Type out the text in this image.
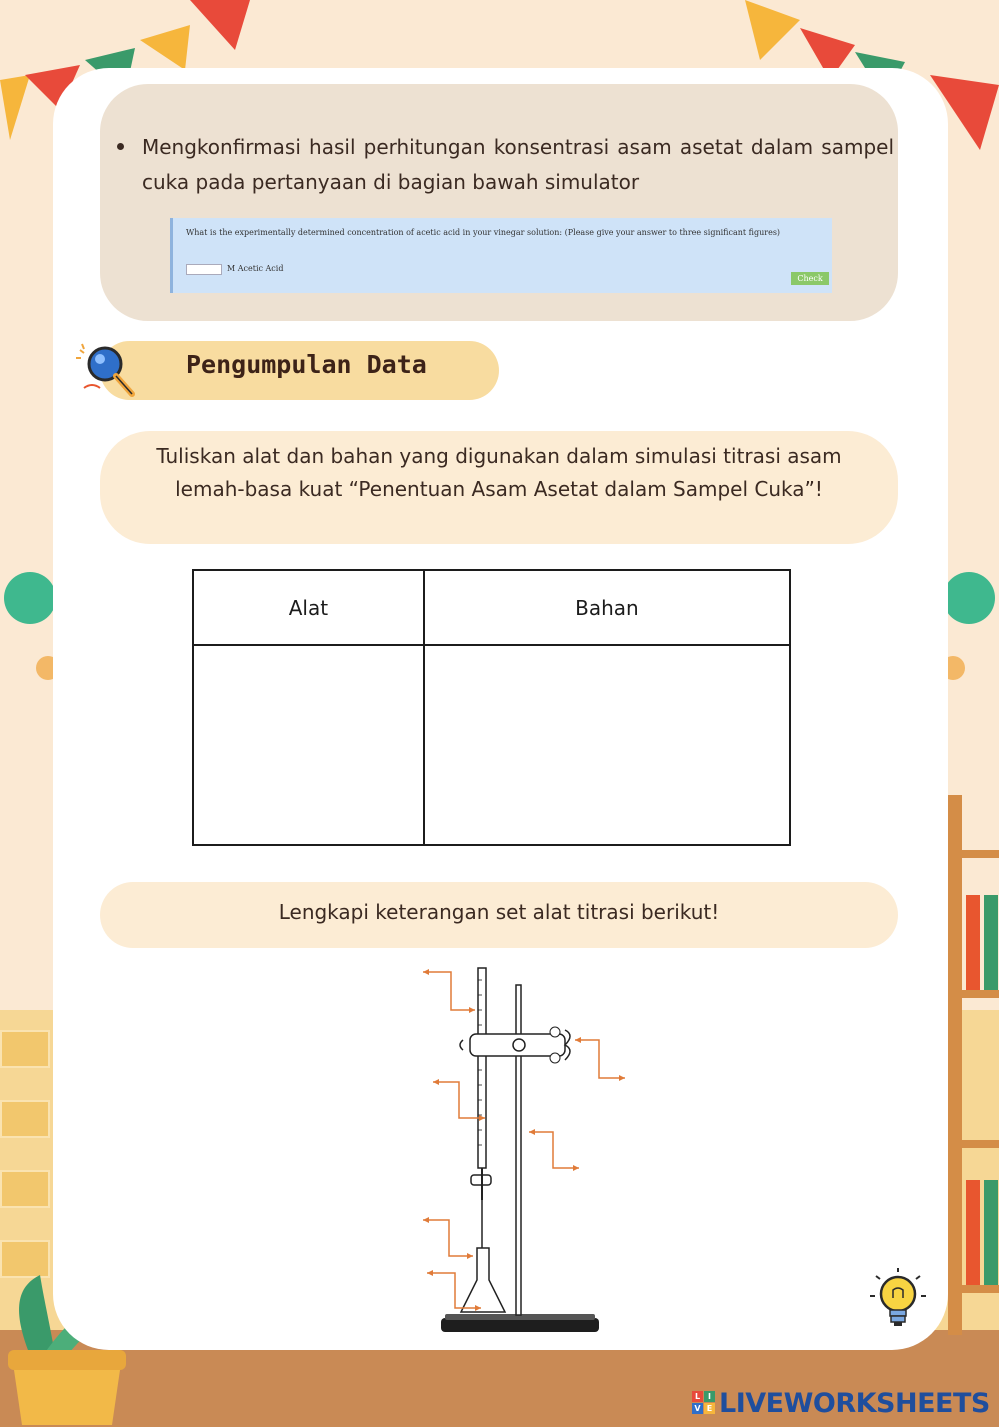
Mengkonfirmasi hasil perhitungan konsentrasi asam asetat dalam sampel cuka pada pertanyaan di bagian bawah simulator
What is the experimentally determined concentration of acetic acid in your vinegar solution: (Please give your answer to three significant figures)
M Acetic Acid
Check
Pengumpulan Data
Tuliskan alat dan bahan yang digunakan dalam simulasi titrasi asam lemah-basa kuat “Penentuan Asam Asetat dalam Sampel Cuka”!
Alat	Bahan

Lengkapi keterangan set alat titrasi berikut!
L I
V E LIVEWORKSHEETS
